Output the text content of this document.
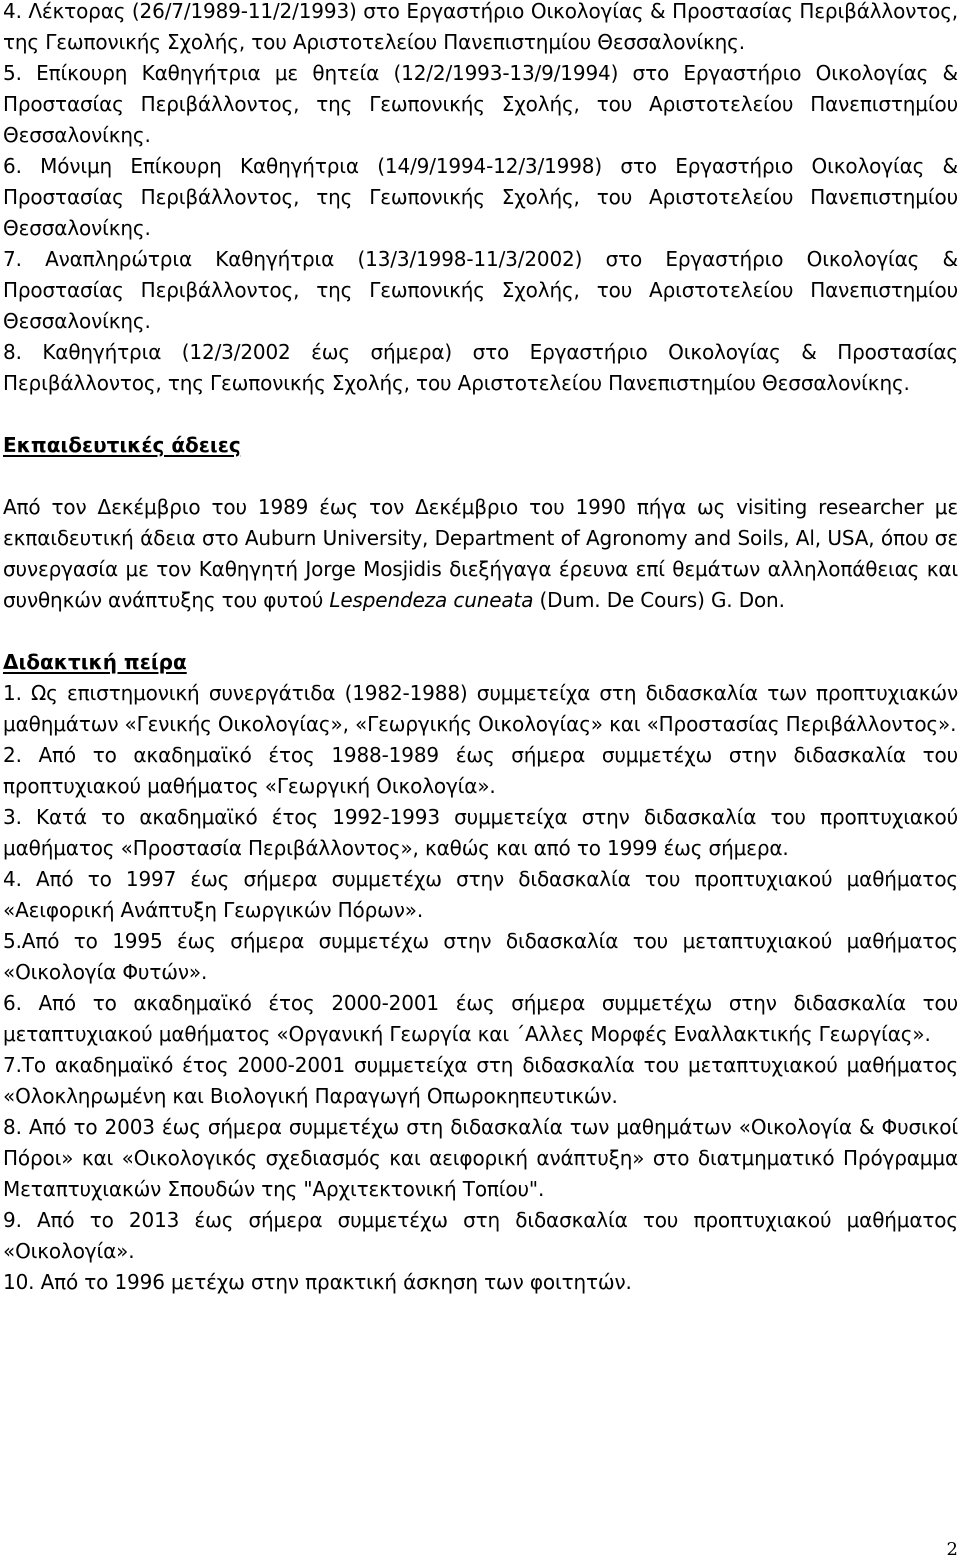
4. Λέκτορας (26/7/1989-11/2/1993) στο Εργαστήριο Οικολογίας & Προστασίας Περιβάλλοντος, της Γεωπονικής Σχολής, του Αριστοτελείου Πανεπιστημίου Θεσσαλονίκης.

5. Επίκουρη Καθηγήτρια με θητεία (12/2/1993-13/9/1994) στο Εργαστήριο Οικολογίας & Προστασίας Περιβάλλοντος, της Γεωπονικής Σχολής, του Αριστοτελείου Πανεπιστημίου Θεσσαλονίκης.

6. Μόνιμη Επίκουρη Καθηγήτρια (14/9/1994-12/3/1998) στο Εργαστήριο Οικολογίας & Προστασίας Περιβάλλοντος, της Γεωπονικής Σχολής, του Αριστοτελείου Πανεπιστημίου Θεσσαλονίκης.

7. Αναπληρώτρια Καθηγήτρια (13/3/1998-11/3/2002) στο Εργαστήριο Οικολογίας & Προστασίας Περιβάλλοντος, της Γεωπονικής Σχολής, του Αριστοτελείου Πανεπιστημίου Θεσσαλονίκης.

8. Καθηγήτρια (12/3/2002 έως σήμερα) στο Εργαστήριο Οικολογίας & Προστασίας Περιβάλλοντος, της Γεωπονικής Σχολής, του Αριστοτελείου Πανεπιστημίου Θεσσαλονίκης.

Εκπαιδευτικές άδειες

Από τον Δεκέμβριο του 1989 έως τον Δεκέμβριο του 1990 πήγα ως visiting researcher με εκπαιδευτική άδεια στο Auburn University, Department of Agronomy and Soils, Al, USA, όπου σε συνεργασία με τον Καθηγητή Jorge Mosjidis διεξήγαγα έρευνα επί θεμάτων αλληλοπάθειας και συνθηκών ανάπτυξης του φυτού Lespendeza cuneata (Dum. De Cours) G. Don.

Διδακτική πείρα

1. Ως επιστημονική συνεργάτιδα (1982-1988) συμμετείχα στη διδασκαλία των προπτυχιακών μαθημάτων «Γενικής Οικολογίας», «Γεωργικής Οικολογίας» και «Προστασίας Περιβάλλοντος».

2. Από το ακαδημαϊκό έτος 1988-1989 έως σήμερα συμμετέχω στην διδασκαλία του προπτυχιακού μαθήματος «Γεωργική Οικολογία».

3. Κατά το ακαδημαϊκό έτος 1992-1993 συμμετείχα στην διδασκαλία του προπτυχιακού μαθήματος «Προστασία Περιβάλλοντος», καθώς και από το 1999 έως σήμερα.

4. Από το 1997 έως σήμερα συμμετέχω στην διδασκαλία του προπτυχιακού μαθήματος «Αειφορική Ανάπτυξη Γεωργικών Πόρων».

5.Από το 1995 έως σήμερα συμμετέχω στην διδασκαλία του μεταπτυχιακού μαθήματος «Οικολογία Φυτών».

6. Από το ακαδημαϊκό έτος 2000-2001 έως σήμερα συμμετέχω στην διδασκαλία του μεταπτυχιακού μαθήματος «Οργανική Γεωργία και ΄Αλλες Μορφές Εναλλακτικής Γεωργίας».

7.Το ακαδημαϊκό έτος 2000-2001 συμμετείχα στη διδασκαλία του μεταπτυχιακού μαθήματος «Ολοκληρωμένη και Βιολογική Παραγωγή Οπωροκηπευτικών.

8. Από το 2003 έως σήμερα συμμετέχω στη διδασκαλία των μαθημάτων «Οικολογία & Φυσικοί Πόροι» και «Οικολογικός σχεδιασμός και αειφορική ανάπτυξη» στο διατμηματικό Πρόγραμμα Μεταπτυχιακών Σπουδών της "Αρχιτεκτονική Τοπίου".

9. Από το 2013 έως σήμερα συμμετέχω στη διδασκαλία του προπτυχιακού μαθήματος «Οικολογία».

10. Από το 1996 μετέχω στην πρακτική άσκηση των φοιτητών.

2
